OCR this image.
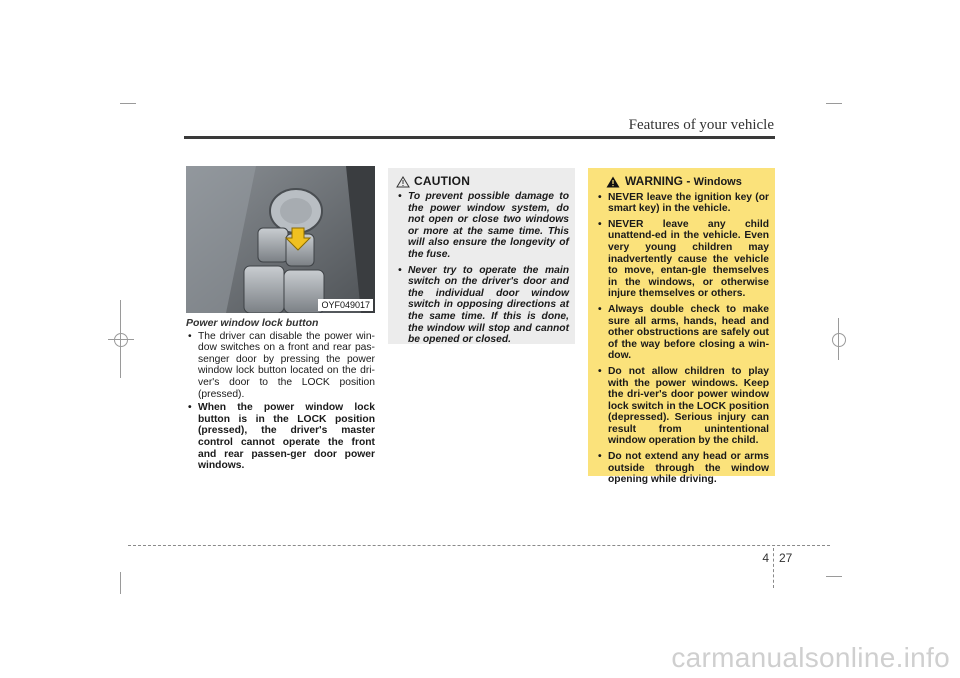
Features of your vehicle
OYF049017
Power window lock button
• The driver can disable the power win-dow switches on a front and rear pas-senger door by pressing the power window lock button located on the dri-ver's door to the LOCK position (pressed).
• When the power window lock button is in the LOCK position (pressed), the driver's master control cannot operate the front and rear passen-ger door power windows.
CAUTION
• To prevent possible damage to the power window system, do not open or close two windows or more at the same time. This will also ensure the longevity of the fuse.
• Never try to operate the main switch on the driver's door and the individual door window switch in opposing directions at the same time. If this is done, the window will stop and cannot be opened or closed.
WARNING - Windows
• NEVER leave the ignition key (or smart key) in the vehicle.
• NEVER leave any child unattend-ed in the vehicle. Even very young children may inadvertently cause the vehicle to move, entan-gle themselves in the windows, or otherwise injure themselves or others.
• Always double check to make sure all arms, hands, head and other obstructions are safely out of the way before closing a win-dow.
• Do not allow children to play with the power windows. Keep the dri-ver's door power window lock switch in the LOCK position (depressed). Serious injury can result from unintentional window operation by the child.
• Do not extend any head or arms outside through the window opening while driving.
4 27
carmanualsonline.info
